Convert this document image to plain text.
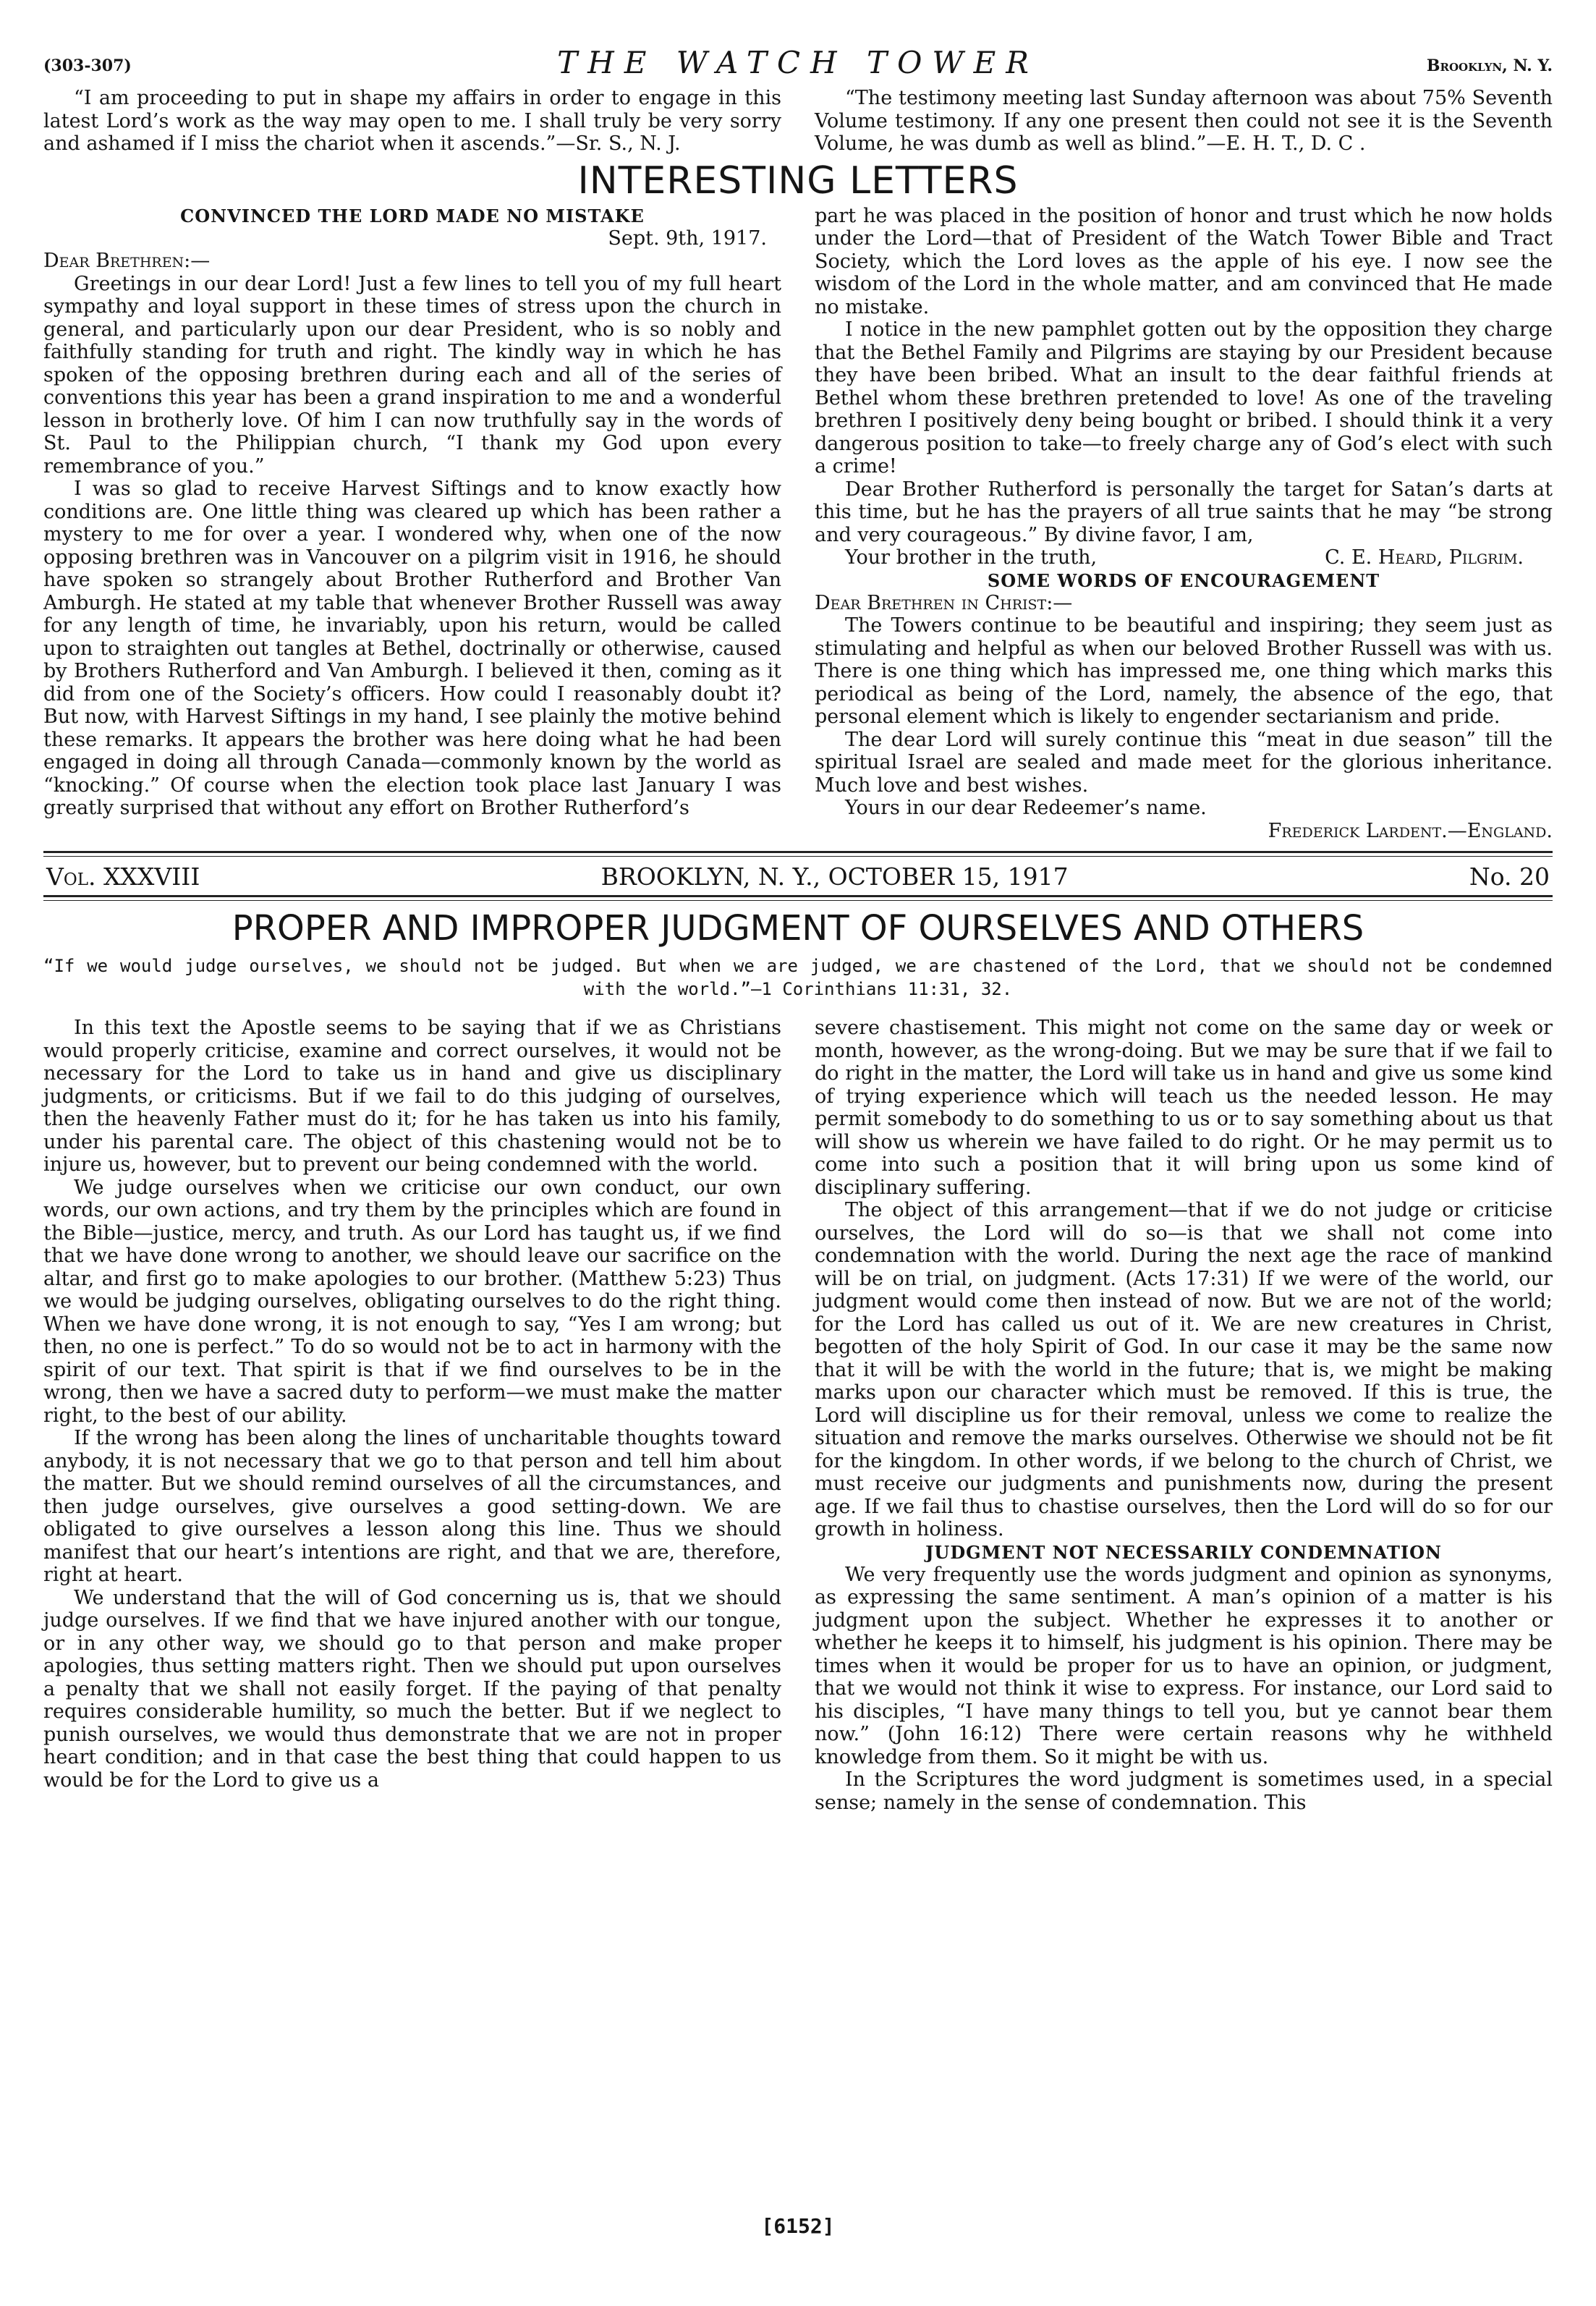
(303-307)	THE WATCH TOWER	Brooklyn, N. Y.

“I am proceeding to put in shape my affairs in order to engage in this latest Lord’s work as the way may open to me. I shall truly be very sorry and ashamed if I miss the chariot when it ascends.”—Sr. S., N. J.

“The testimony meeting last Sunday afternoon was about 75% Seventh Volume testimony. If any one present then could not see it is the Seventh Volume, he was dumb as well as blind.”—E. H. T., D. C .

INTERESTING LETTERS
CONVINCED THE LORD MADE NO MISTAKE

Sept. 9th, 1917.

Dear Brethren:—

Greetings in our dear Lord! Just a few lines to tell you of my full heart sympathy and loyal support in these times of stress upon the church in general, and particularly upon our dear President, who is so nobly and faithfully standing for truth and right. The kindly way in which he has spoken of the opposing brethren during each and all of the series of conventions this year has been a grand inspiration to me and a wonderful lesson in brotherly love. Of him I can now truthfully say in the words of St. Paul to the Philippian church, “I thank my God upon every remembrance of you.”

I was so glad to receive Harvest Siftings and to know exactly how conditions are. One little thing was cleared up which has been rather a mystery to me for over a year. I wondered why, when one of the now opposing brethren was in Vancouver on a pilgrim visit in 1916, he should have spoken so strangely about Brother Rutherford and Brother Van Amburgh. He stated at my table that whenever Brother Russell was away for any length of time, he invariably, upon his return, would be called upon to straighten out tangles at Bethel, doctrinally or otherwise, caused by Brothers Rutherford and Van Amburgh. I believed it then, coming as it did from one of the Society’s officers. How could I reasonably doubt it? But now, with Harvest Siftings in my hand, I see plainly the motive behind these remarks. It appears the brother was here doing what he had been engaged in doing all through Canada—commonly known by the world as “knocking.” Of course when the election took place last January I was greatly surprised that without any effort on Brother Rutherford’s

part he was placed in the position of honor and trust which he now holds under the Lord—that of President of the Watch Tower Bible and Tract Society, which the Lord loves as the apple of his eye. I now see the wisdom of the Lord in the whole matter, and am convinced that He made no mistake.

I notice in the new pamphlet gotten out by the opposition they charge that the Bethel Family and Pilgrims are staying by our President because they have been bribed. What an insult to the dear faithful friends at Bethel whom these brethren pretended to love! As one of the traveling brethren I positively deny being bought or bribed. I should think it a very dangerous position to take—to freely charge any of God’s elect with such a crime!

Dear Brother Rutherford is personally the target for Satan’s darts at this time, but he has the prayers of all true saints that he may “be strong and very courageous.” By divine favor, I am,

Your brother in the truth,	C. E. Heard, Pilgrim.

SOME WORDS OF ENCOURAGEMENT

Dear Brethren in Christ:—

The Towers continue to be beautiful and inspiring; they seem just as stimulating and helpful as when our beloved Brother Russell was with us. There is one thing which has impressed me, one thing which marks this periodical as being of the Lord, namely, the absence of the ego, that personal element which is likely to engender sectarianism and pride.

The dear Lord will surely continue this “meat in due season” till the spiritual Israel are sealed and made meet for the glorious inheritance. Much love and best wishes.

Yours in our dear Redeemer’s name.

Frederick Lardent.—England.

Vol. XXXVIII	BROOKLYN, N. Y., OCTOBER 15, 1917	No. 20
PROPER AND IMPROPER JUDGMENT OF OURSELVES AND OTHERS
“If we would judge ourselves, we should not be judged. But when we are judged, we are chastened of the Lord, that we should not be condemned with the world.”—1 Corinthians 11:31, 32.

In this text the Apostle seems to be saying that if we as Christians would properly criticise, examine and correct ourselves, it would not be necessary for the Lord to take us in hand and give us disciplinary judgments, or criticisms. But if we fail to do this judging of ourselves, then the heavenly Father must do it; for he has taken us into his family, under his parental care. The object of this chastening would not be to injure us, however, but to prevent our being condemned with the world.

We judge ourselves when we criticise our own conduct, our own words, our own actions, and try them by the principles which are found in the Bible—justice, mercy, and truth. As our Lord has taught us, if we find that we have done wrong to another, we should leave our sacrifice on the altar, and first go to make apologies to our brother. (Matthew 5:23) Thus we would be judging ourselves, obligating ourselves to do the right thing. When we have done wrong, it is not enough to say, “Yes I am wrong; but then, no one is perfect.” To do so would not be to act in harmony with the spirit of our text. That spirit is that if we find ourselves to be in the wrong, then we have a sacred duty to perform—we must make the matter right, to the best of our ability.

If the wrong has been along the lines of uncharitable thoughts toward anybody, it is not necessary that we go to that person and tell him about the matter. But we should remind ourselves of all the circumstances, and then judge ourselves, give ourselves a good setting-down. We are obligated to give ourselves a lesson along this line. Thus we should manifest that our heart’s intentions are right, and that we are, therefore, right at heart.

We understand that the will of God concerning us is, that we should judge ourselves. If we find that we have injured another with our tongue, or in any other way, we should go to that person and make proper apologies, thus setting matters right. Then we should put upon ourselves a penalty that we shall not easily forget. If the paying of that penalty requires considerable humility, so much the better. But if we neglect to punish ourselves, we would thus demonstrate that we are not in proper heart condition; and in that case the best thing that could happen to us would be for the Lord to give us a

severe chastisement. This might not come on the same day or week or month, however, as the wrong-doing. But we may be sure that if we fail to do right in the matter, the Lord will take us in hand and give us some kind of trying experience which will teach us the needed lesson. He may permit somebody to do something to us or to say something about us that will show us wherein we have failed to do right. Or he may permit us to come into such a position that it will bring upon us some kind of disciplinary suffering.

The object of this arrangement—that if we do not judge or criticise ourselves, the Lord will do so—is that we shall not come into condemnation with the world. During the next age the race of mankind will be on trial, on judgment. (Acts 17:31) If we were of the world, our judgment would come then instead of now. But we are not of the world; for the Lord has called us out of it. We are new creatures in Christ, begotten of the holy Spirit of God. In our case it may be the same now that it will be with the world in the future; that is, we might be making marks upon our character which must be removed. If this is true, the Lord will discipline us for their removal, unless we come to realize the situation and remove the marks ourselves. Otherwise we should not be fit for the kingdom. In other words, if we belong to the church of Christ, we must receive our judgments and punishments now, during the present age. If we fail thus to chastise ourselves, then the Lord will do so for our growth in holiness.

JUDGMENT NOT NECESSARILY CONDEMNATION

We very frequently use the words judgment and opinion as synonyms, as expressing the same sentiment. A man’s opinion of a matter is his judgment upon the subject. Whether he expresses it to another or whether he keeps it to himself, his judgment is his opinion. There may be times when it would be proper for us to have an opinion, or judgment, that we would not think it wise to express. For instance, our Lord said to his disciples, “I have many things to tell you, but ye cannot bear them now.” (John 16:12) There were certain reasons why he withheld knowledge from them. So it might be with us.

In the Scriptures the word judgment is sometimes used, in a special sense; namely in the sense of condemnation. This

[6152]
